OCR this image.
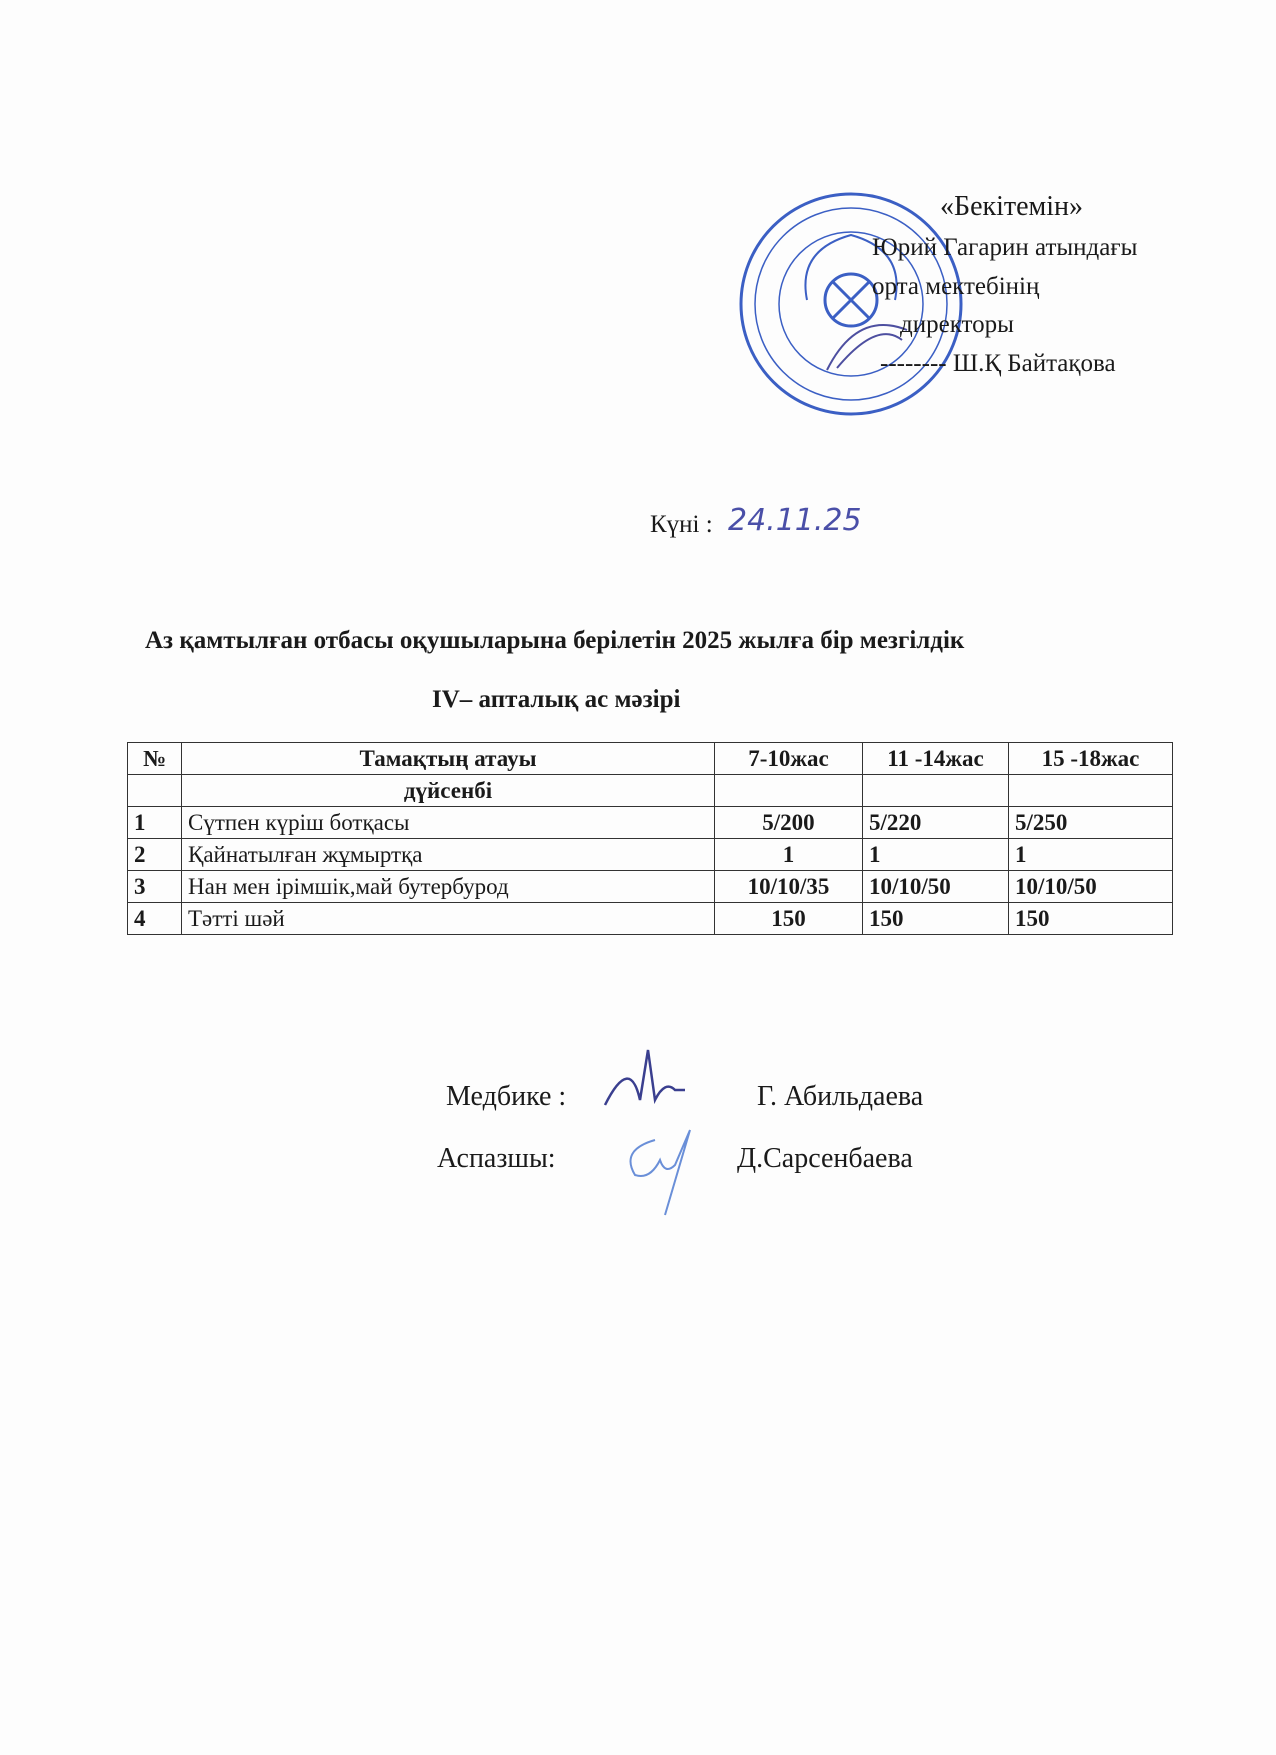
«Бекітемін»
Юрий Гагарин атындағы
орта мектебінің
директоры
-------- Ш.Қ Байтақова
Күні : 24.11.25
Аз қамтылған отбасы оқушыларына берілетін 2025 жылға бір мезгілдік
IV– апталық ас мәзірі
№	Тамақтың атауы	7-10жас	11 -14жас	15 -18жас
	дүйсенбі			
1	Сүтпен күріш ботқасы	5/200	5/220	5/250
2	Қайнатылған жұмыртқа	1	1	1
3	Нан мен ірімшік,май бутербурод	10/10/35	10/10/50	10/10/50
4	Тәтті шәй	150	150	150
Медбике :	Г. Абильдаева
Аспазшы:	Д.Сарсенбаева
